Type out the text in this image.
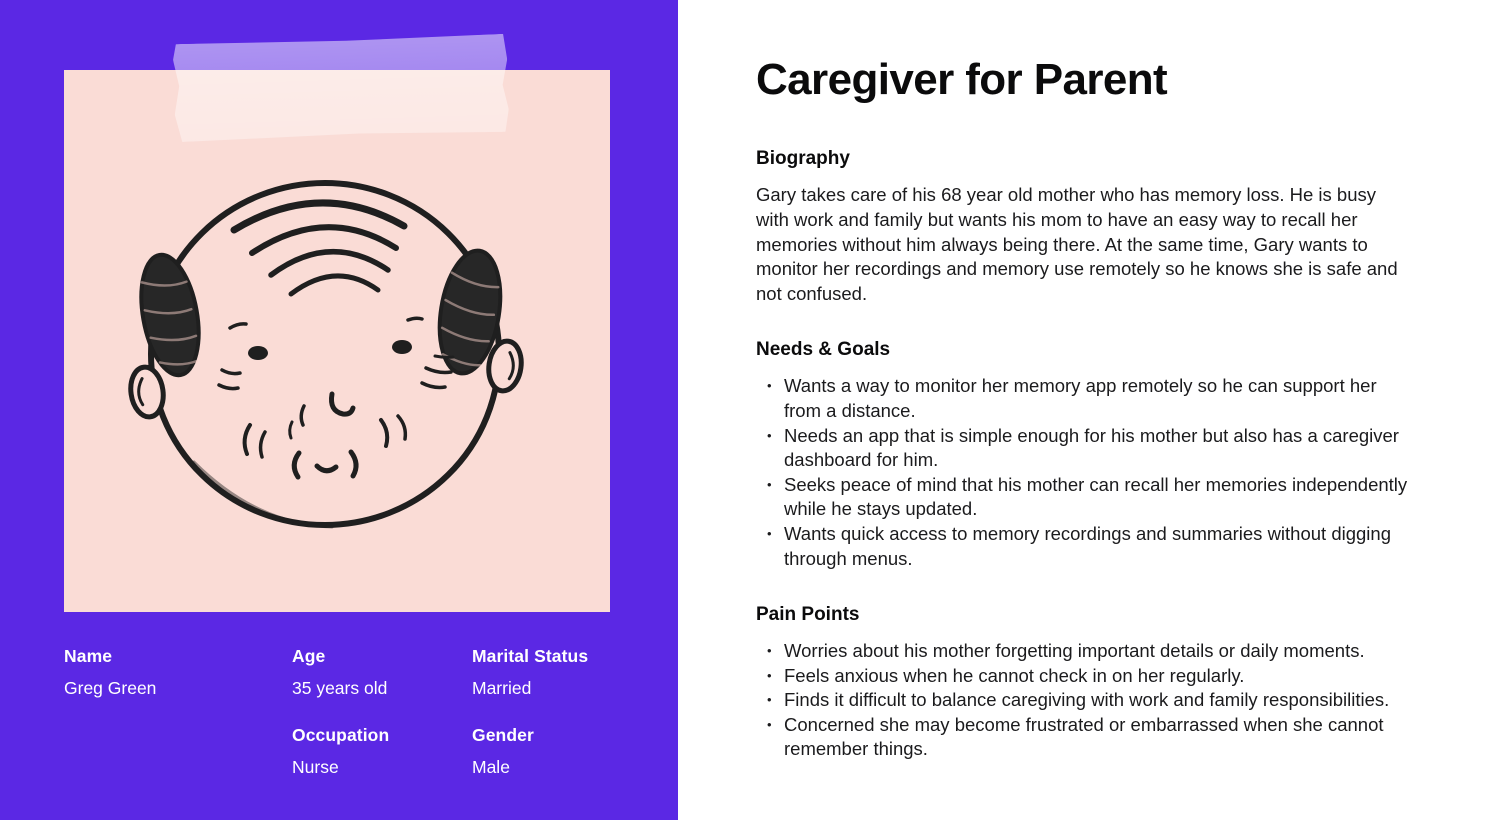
Name
Greg Green
Age
35 years old
Marital Status
Married
Occupation
Nurse
Gender
Male
Caregiver for Parent
Biography

Gary takes care of his 68 year old mother who has memory loss. He is busy with work and family but wants his mom to have an easy way to recall her memories without him always being there. At the same time, Gary wants to monitor her recordings and memory use remotely so he knows she is safe and not confused.

Needs & Goals
• Wants a way to monitor her memory app remotely so he can support her from a distance.
• Needs an app that is simple enough for his mother but also has a caregiver dashboard for him.
• Seeks peace of mind that his mother can recall her memories independently while he stays updated.
• Wants quick access to memory recordings and summaries without digging through menus.
Pain Points
• Worries about his mother forgetting important details or daily moments.
• Feels anxious when he cannot check in on her regularly.
• Finds it difficult to balance caregiving with work and family responsibilities.
• Concerned she may become frustrated or embarrassed when she cannot remember things.
